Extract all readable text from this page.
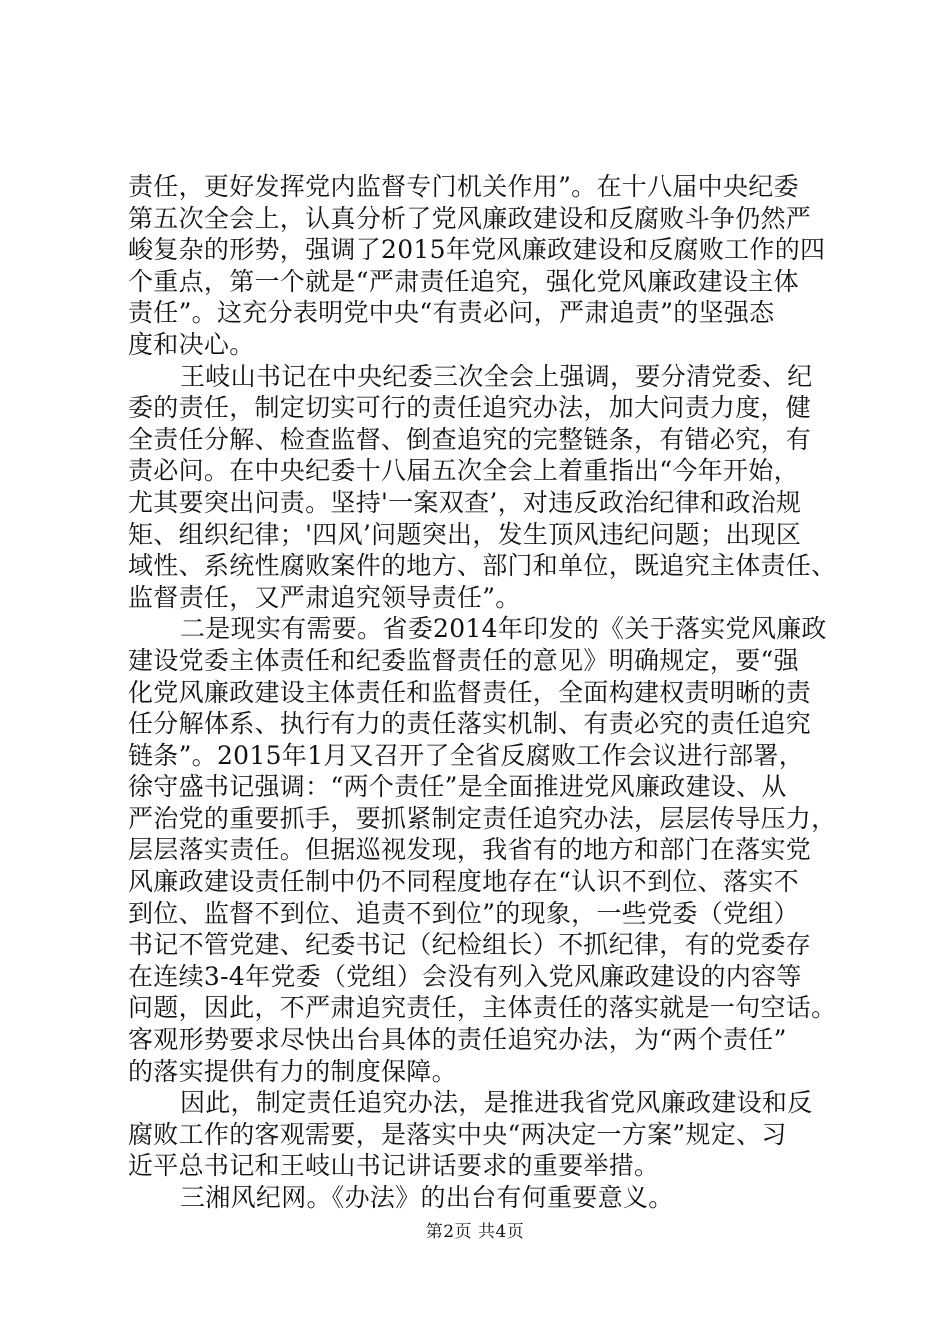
责任，更好发挥党内监督专门机关作用”。在十八届中央纪委
第五次全会上，认真分析了党风廉政建设和反腐败斗争仍然严
峻复杂的形势，强调了2015年党风廉政建设和反腐败工作的四
个重点，第一个就是“严肃责任追究，强化党风廉政建设主体
责任”。这充分表明党中央“有责必问，严肃追责”的坚强态
度和决心。
王岐山书记在中央纪委三次全会上强调，要分清党委、纪
委的责任，制定切实可行的责任追究办法，加大问责力度，健
全责任分解、检查监督、倒查追究的完整链条，有错必究，有
责必问。在中央纪委十八届五次全会上着重指出“今年开始，
尤其要突出问责。坚持'一案双查’，对违反政治纪律和政治规
矩、组织纪律；'四风’问题突出，发生顶风违纪问题；出现区
域性、系统性腐败案件的地方、部门和单位，既追究主体责任、
监督责任，又严肃追究领导责任”。
二是现实有需要。省委2014年印发的《关于落实党风廉政
建设党委主体责任和纪委监督责任的意见》明确规定，要“强
化党风廉政建设主体责任和监督责任，全面构建权责明晰的责
任分解体系、执行有力的责任落实机制、有责必究的责任追究
链条”。2015年1月又召开了全省反腐败工作会议进行部署，
徐守盛书记强调：“两个责任”是全面推进党风廉政建设、从
严治党的重要抓手，要抓紧制定责任追究办法，层层传导压力，
层层落实责任。但据巡视发现，我省有的地方和部门在落实党
风廉政建设责任制中仍不同程度地存在“认识不到位、落实不
到位、监督不到位、追责不到位”的现象，一些党委（党组）
书记不管党建、纪委书记（纪检组长）不抓纪律，有的党委存
在连续3-4年党委（党组）会没有列入党风廉政建设的内容等
问题，因此，不严肃追究责任，主体责任的落实就是一句空话。
客观形势要求尽快出台具体的责任追究办法，为“两个责任”
的落实提供有力的制度保障。
因此，制定责任追究办法，是推进我省党风廉政建设和反
腐败工作的客观需要，是落实中央“两决定一方案”规定、习
近平总书记和王岐山书记讲话要求的重要举措。
三湘风纪网。《办法》的出台有何重要意义。
第2页 共4页
